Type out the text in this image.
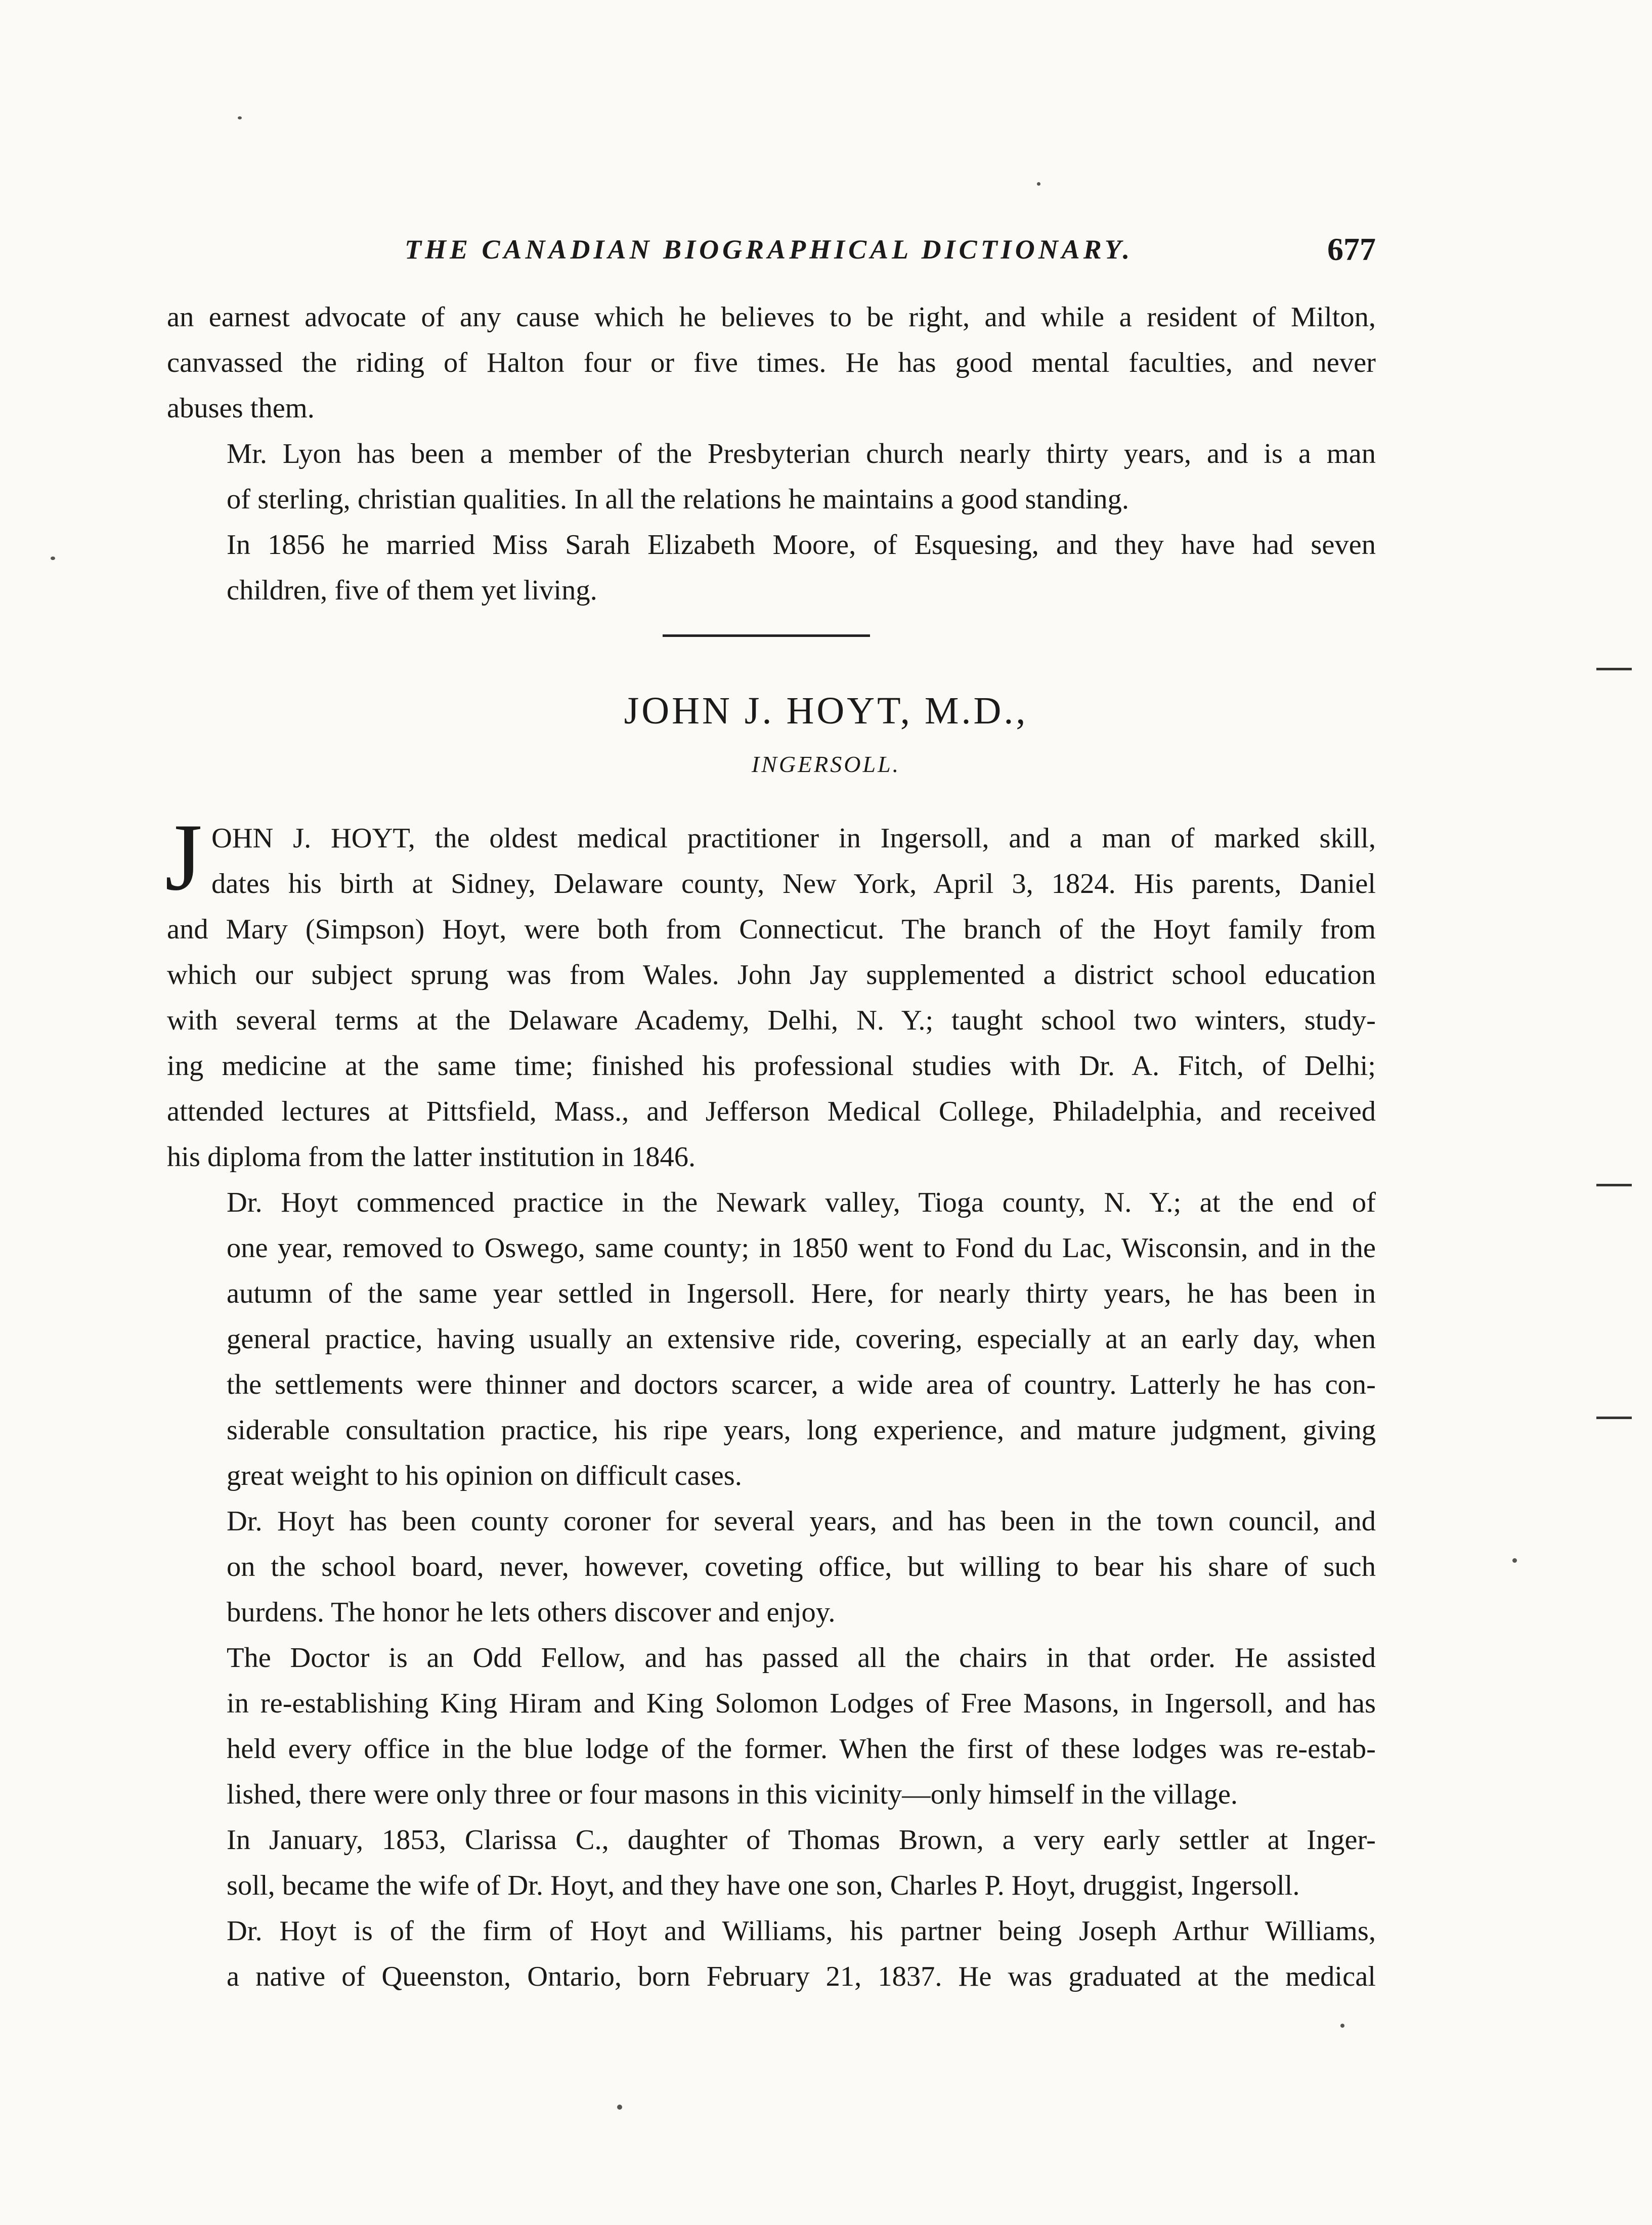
THE CANADIAN BIOGRAPHICAL DICTIONARY.	677

an earnest advocate of any cause which he believes to be right, and while a resident of Milton,
canvassed the riding of Halton four or five times. He has good mental faculties, and never
abuses them.

Mr. Lyon has been a member of the Presbyterian church nearly thirty years, and is a man
of sterling, christian qualities. In all the relations he maintains a good standing.

In 1856 he married Miss Sarah Elizabeth Moore, of Esquesing, and they have had seven
children, five of them yet living.

JOHN J. HOYT, M.D.,
INGERSOLL.

J OHN J. HOYT, the oldest medical practitioner in Ingersoll, and a man of marked skill,
dates his birth at Sidney, Delaware county, New York, April 3, 1824. His parents, Daniel
and Mary (Simpson) Hoyt, were both from Connecticut. The branch of the Hoyt family from
which our subject sprung was from Wales. John Jay supplemented a district school education
with several terms at the Delaware Academy, Delhi, N. Y.; taught school two winters, study-
ing medicine at the same time; finished his professional studies with Dr. A. Fitch, of Delhi;
attended lectures at Pittsfield, Mass., and Jefferson Medical College, Philadelphia, and received
his diploma from the latter institution in 1846.

Dr. Hoyt commenced practice in the Newark valley, Tioga county, N. Y.; at the end of
one year, removed to Oswego, same county; in 1850 went to Fond du Lac, Wisconsin, and in the
autumn of the same year settled in Ingersoll. Here, for nearly thirty years, he has been in
general practice, having usually an extensive ride, covering, especially at an early day, when
the settlements were thinner and doctors scarcer, a wide area of country. Latterly he has con-
siderable consultation practice, his ripe years, long experience, and mature judgment, giving
great weight to his opinion on difficult cases.

Dr. Hoyt has been county coroner for several years, and has been in the town council, and
on the school board, never, however, coveting office, but willing to bear his share of such
burdens. The honor he lets others discover and enjoy.

The Doctor is an Odd Fellow, and has passed all the chairs in that order. He assisted
in re-establishing King Hiram and King Solomon Lodges of Free Masons, in Ingersoll, and has
held every office in the blue lodge of the former. When the first of these lodges was re-estab-
lished, there were only three or four masons in this vicinity—only himself in the village.

In January, 1853, Clarissa C., daughter of Thomas Brown, a very early settler at Inger-
soll, became the wife of Dr. Hoyt, and they have one son, Charles P. Hoyt, druggist, Ingersoll.

Dr. Hoyt is of the firm of Hoyt and Williams, his partner being Joseph Arthur Williams,
a native of Queenston, Ontario, born February 21, 1837. He was graduated at the medical
